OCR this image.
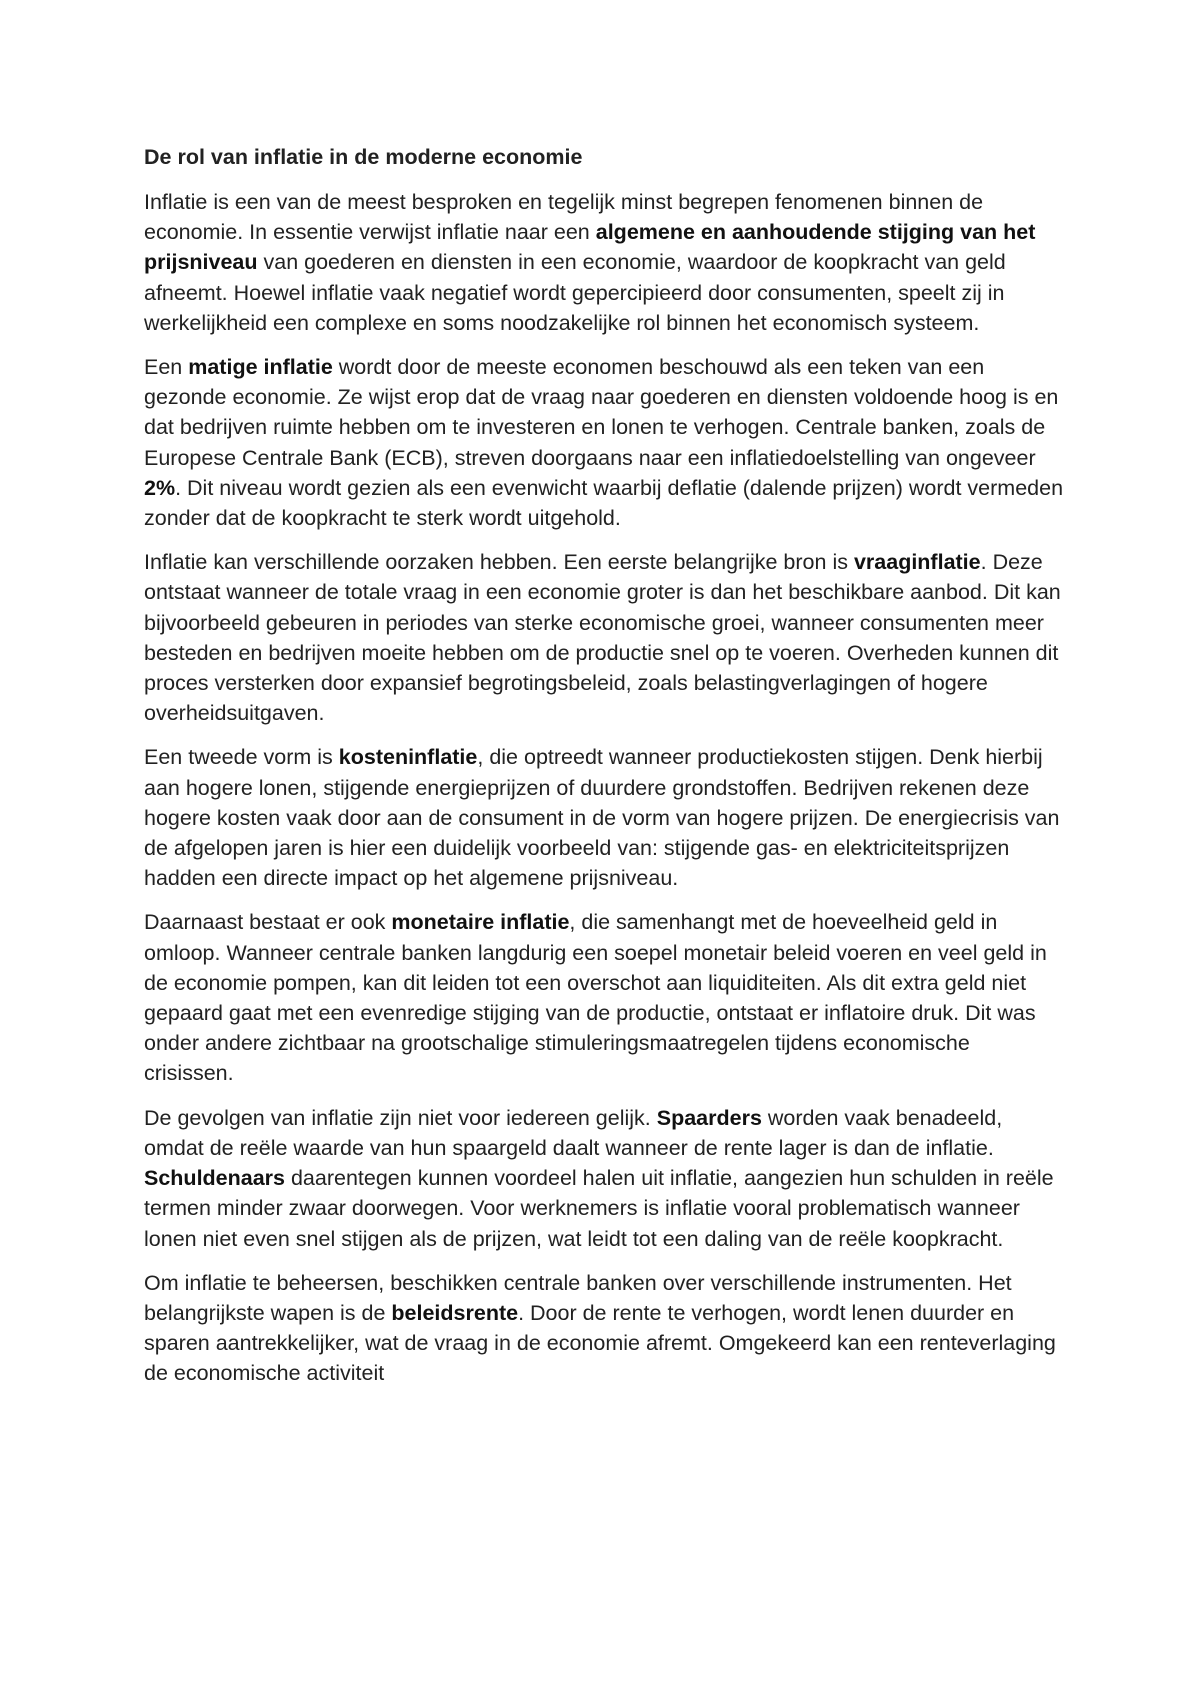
De rol van inflatie in de moderne economie

Inflatie is een van de meest besproken en tegelijk minst begrepen fenomenen binnen de economie. In essentie verwijst inflatie naar een algemene en aanhoudende stijging van het prijsniveau van goederen en diensten in een economie, waardoor de koopkracht van geld afneemt. Hoewel inflatie vaak negatief wordt gepercipieerd door consumenten, speelt zij in werkelijkheid een complexe en soms noodzakelijke rol binnen het economisch systeem.

Een matige inflatie wordt door de meeste economen beschouwd als een teken van een gezonde economie. Ze wijst erop dat de vraag naar goederen en diensten voldoende hoog is en dat bedrijven ruimte hebben om te investeren en lonen te verhogen. Centrale banken, zoals de Europese Centrale Bank (ECB), streven doorgaans naar een inflatiedoelstelling van ongeveer 2%. Dit niveau wordt gezien als een evenwicht waarbij deflatie (dalende prijzen) wordt vermeden zonder dat de koopkracht te sterk wordt uitgehold.

Inflatie kan verschillende oorzaken hebben. Een eerste belangrijke bron is vraaginflatie. Deze ontstaat wanneer de totale vraag in een economie groter is dan het beschikbare aanbod. Dit kan bijvoorbeeld gebeuren in periodes van sterke economische groei, wanneer consumenten meer besteden en bedrijven moeite hebben om de productie snel op te voeren. Overheden kunnen dit proces versterken door expansief begrotingsbeleid, zoals belastingverlagingen of hogere overheidsuitgaven.

Een tweede vorm is kosteninflatie, die optreedt wanneer productiekosten stijgen. Denk hierbij aan hogere lonen, stijgende energieprijzen of duurdere grondstoffen. Bedrijven rekenen deze hogere kosten vaak door aan de consument in de vorm van hogere prijzen. De energiecrisis van de afgelopen jaren is hier een duidelijk voorbeeld van: stijgende gas- en elektriciteitsprijzen hadden een directe impact op het algemene prijsniveau.

Daarnaast bestaat er ook monetaire inflatie, die samenhangt met de hoeveelheid geld in omloop. Wanneer centrale banken langdurig een soepel monetair beleid voeren en veel geld in de economie pompen, kan dit leiden tot een overschot aan liquiditeiten. Als dit extra geld niet gepaard gaat met een evenredige stijging van de productie, ontstaat er inflatoire druk. Dit was onder andere zichtbaar na grootschalige stimuleringsmaatregelen tijdens economische crisissen.

De gevolgen van inflatie zijn niet voor iedereen gelijk. Spaarders worden vaak benadeeld, omdat de reële waarde van hun spaargeld daalt wanneer de rente lager is dan de inflatie. Schuldenaars daarentegen kunnen voordeel halen uit inflatie, aangezien hun schulden in reële termen minder zwaar doorwegen. Voor werknemers is inflatie vooral problematisch wanneer lonen niet even snel stijgen als de prijzen, wat leidt tot een daling van de reële koopkracht.

Om inflatie te beheersen, beschikken centrale banken over verschillende instrumenten. Het belangrijkste wapen is de beleidsrente. Door de rente te verhogen, wordt lenen duurder en sparen aantrekkelijker, wat de vraag in de economie afremt. Omgekeerd kan een renteverlaging de economische activiteit
